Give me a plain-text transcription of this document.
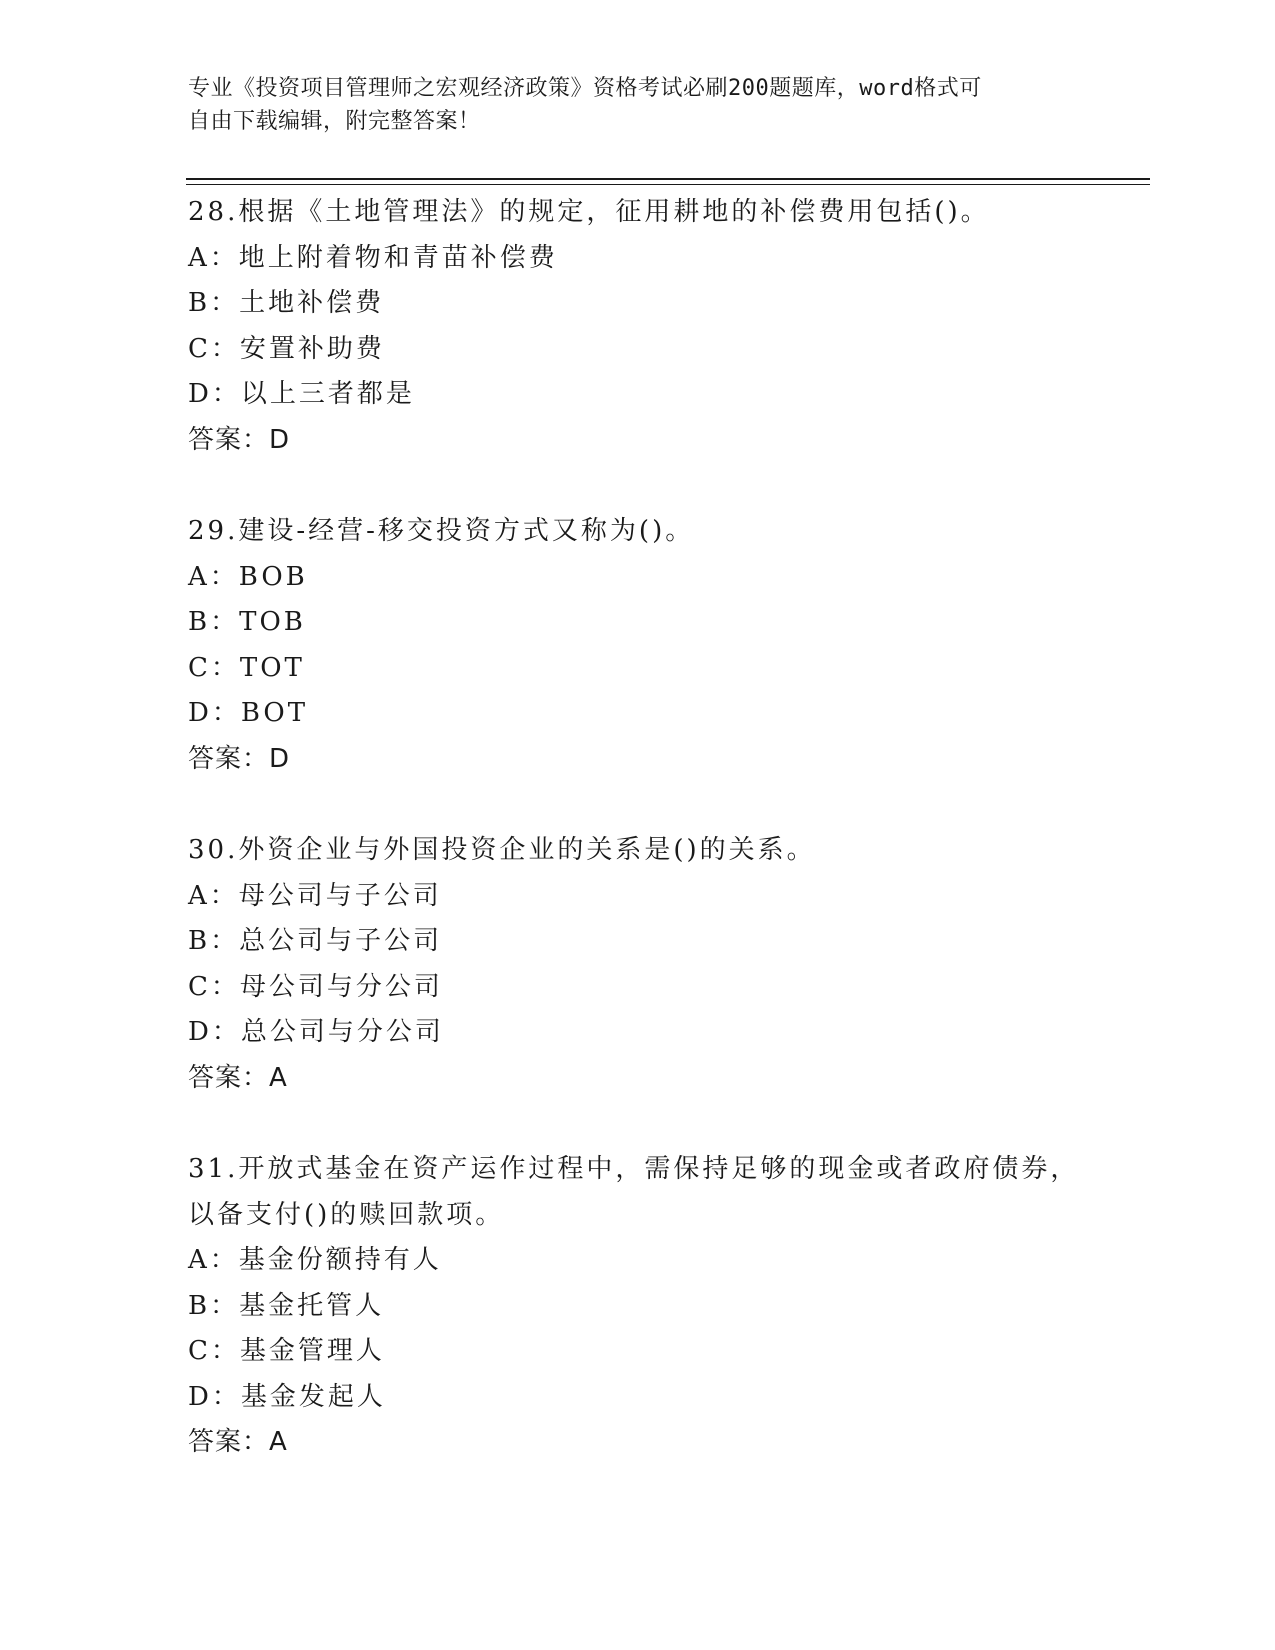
专业《投资项目管理师之宏观经济政策》资格考试必刷200题题库，word格式可
自由下载编辑，附完整答案！
28.根据《土地管理法》的规定，征用耕地的补偿费用包括()。
A：地上附着物和青苗补偿费
B：土地补偿费
C：安置补助费
D：以上三者都是
答案：D
29.建设-经营-移交投资方式又称为()。
A：BOB
B：TOB
C：TOT
D：BOT
答案：D
30.外资企业与外国投资企业的关系是()的关系。
A：母公司与子公司
B：总公司与子公司
C：母公司与分公司
D：总公司与分公司
答案：A
31.开放式基金在资产运作过程中，需保持足够的现金或者政府债券，
以备支付()的赎回款项。
A：基金份额持有人
B：基金托管人
C：基金管理人
D：基金发起人
答案：A
